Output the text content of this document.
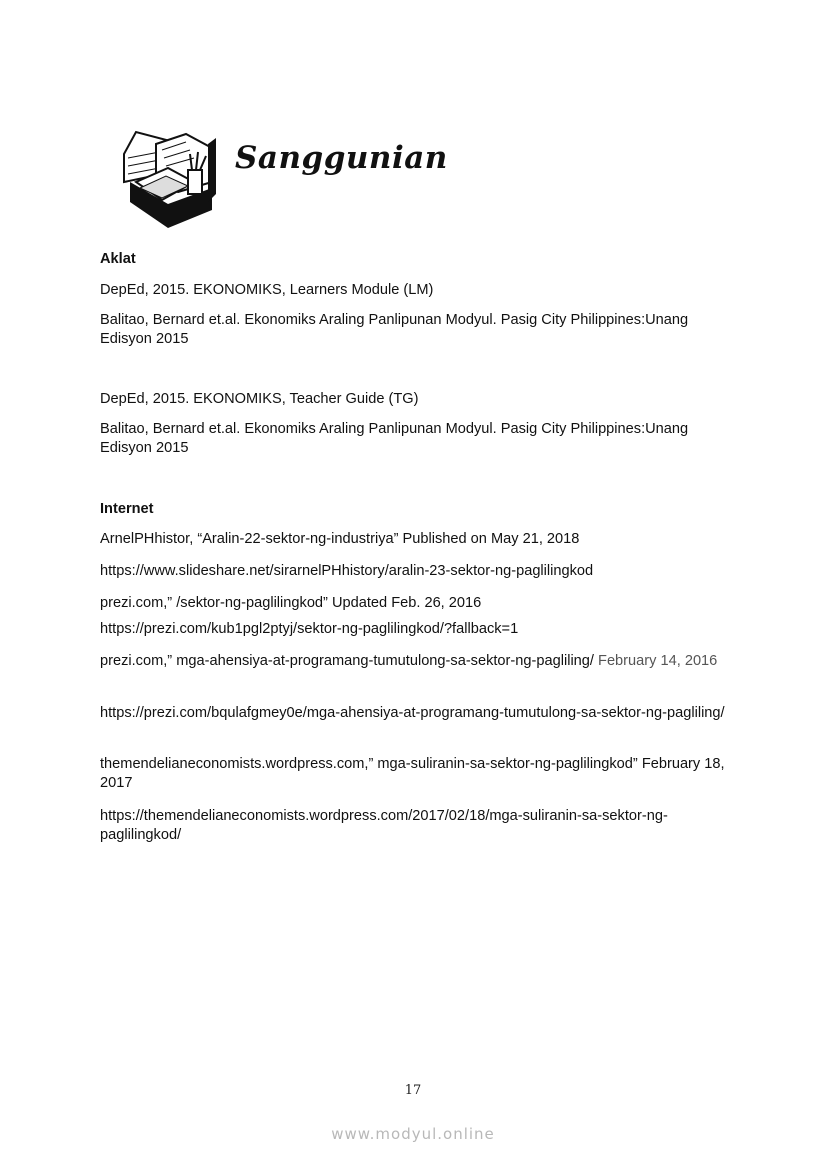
Sanggunian
Aklat

DepEd, 2015. EKONOMIKS, Learners Module (LM)

Balitao, Bernard et.al. Ekonomiks Araling Panlipunan Modyul. Pasig City Philippines:Unang Edisyon 2015

DepEd, 2015. EKONOMIKS, Teacher Guide (TG)

Balitao, Bernard et.al. Ekonomiks Araling Panlipunan Modyul. Pasig City Philippines:Unang Edisyon 2015

Internet

ArnelPHhistor, “Aralin-22-sektor-ng-industriya” Published on May 21, 2018

https://www.slideshare.net/sirarnelPHhistory/aralin-23-sektor-ng-paglilingkod

prezi.com,” /sektor-ng-paglilingkod” Updated Feb. 26, 2016

https://prezi.com/kub1pgl2ptyj/sektor-ng-paglilingkod/?fallback=1

prezi.com,” mga-ahensiya-at-programang-tumutulong-sa-sektor-ng-pagliling/ February 14, 2016

https://prezi.com/bqulafgmey0e/mga-ahensiya-at-programang-tumutulong-sa-sektor-ng-pagliling/

themendelianeconomists.wordpress.com,” mga-suliranin-sa-sektor-ng-paglilingkod” February 18, 2017

https://themendelianeconomists.wordpress.com/2017/02/18/mga-suliranin-sa-sektor-ng-paglilingkod/

17
www.modyul.online
